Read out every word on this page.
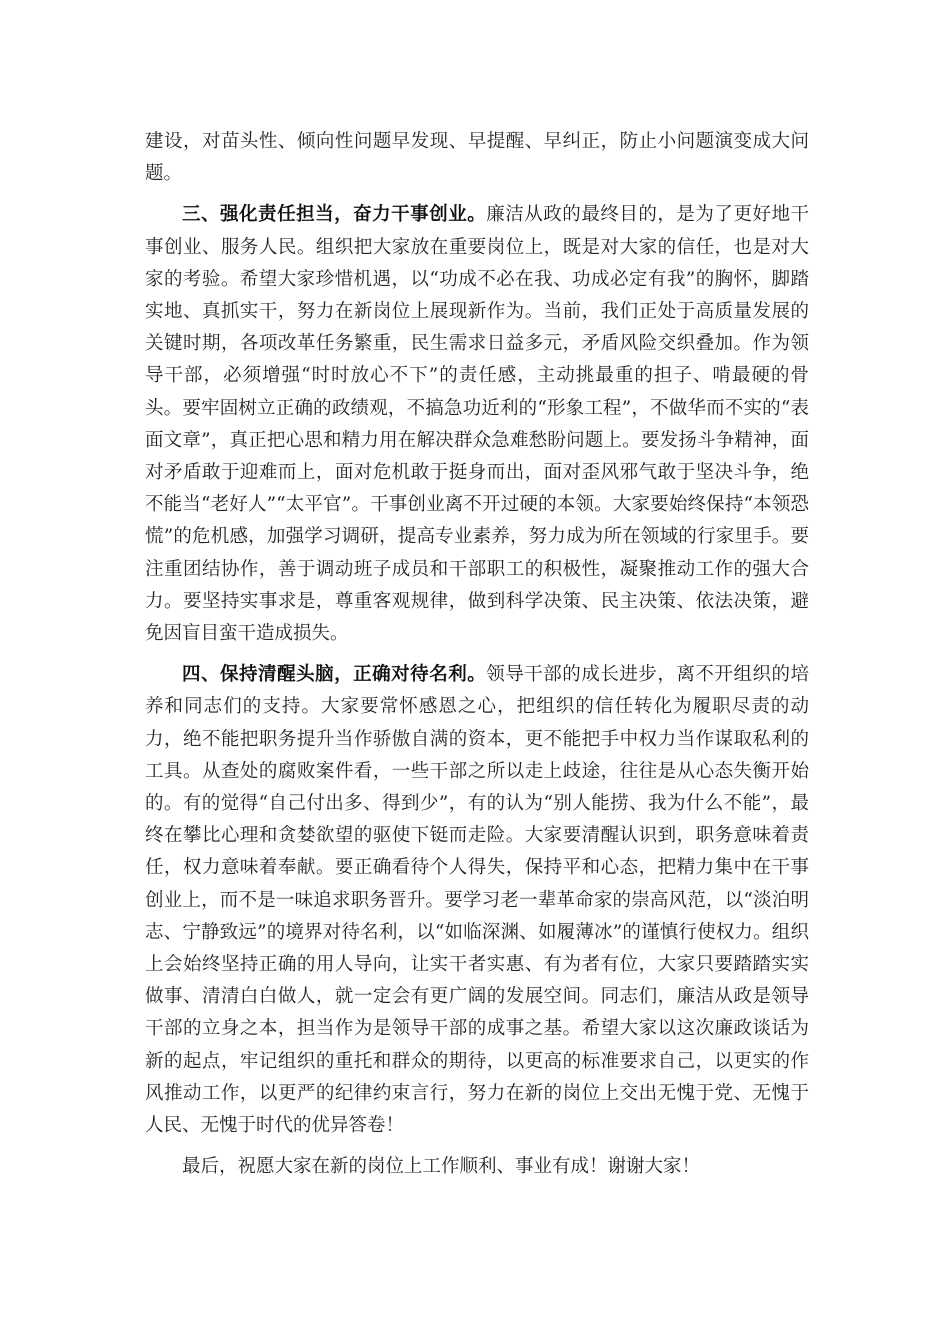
建设，对苗头性、倾向性问题早发现、早提醒、早纠正，防止小问题演变成大问题。

三、强化责任担当，奋力干事创业。廉洁从政的最终目的，是为了更好地干事创业、服务人民。组织把大家放在重要岗位上，既是对大家的信任，也是对大家的考验。希望大家珍惜机遇，以“功成不必在我、功成必定有我”的胸怀，脚踏实地、真抓实干，努力在新岗位上展现新作为。当前，我们正处于高质量发展的关键时期，各项改革任务繁重，民生需求日益多元，矛盾风险交织叠加。作为领导干部，必须增强“时时放心不下”的责任感，主动挑最重的担子、啃最硬的骨头。要牢固树立正确的政绩观，不搞急功近利的“形象工程”，不做华而不实的“表面文章”，真正把心思和精力用在解决群众急难愁盼问题上。要发扬斗争精神，面对矛盾敢于迎难而上，面对危机敢于挺身而出，面对歪风邪气敢于坚决斗争，绝不能当“老好人”“太平官”。干事创业离不开过硬的本领。大家要始终保持“本领恐慌”的危机感，加强学习调研，提高专业素养，努力成为所在领域的行家里手。要注重团结协作，善于调动班子成员和干部职工的积极性，凝聚推动工作的强大合力。要坚持实事求是，尊重客观规律，做到科学决策、民主决策、依法决策，避免因盲目蛮干造成损失。

四、保持清醒头脑，正确对待名利。领导干部的成长进步，离不开组织的培养和同志们的支持。大家要常怀感恩之心，把组织的信任转化为履职尽责的动力，绝不能把职务提升当作骄傲自满的资本，更不能把手中权力当作谋取私利的工具。从查处的腐败案件看，一些干部之所以走上歧途，往往是从心态失衡开始的。有的觉得“自己付出多、得到少”，有的认为“别人能捞、我为什么不能”，最终在攀比心理和贪婪欲望的驱使下铤而走险。大家要清醒认识到，职务意味着责任，权力意味着奉献。要正确看待个人得失，保持平和心态，把精力集中在干事创业上，而不是一味追求职务晋升。要学习老一辈革命家的崇高风范，以“淡泊明志、宁静致远”的境界对待名利，以“如临深渊、如履薄冰”的谨慎行使权力。组织上会始终坚持正确的用人导向，让实干者实惠、有为者有位，大家只要踏踏实实做事、清清白白做人，就一定会有更广阔的发展空间。同志们，廉洁从政是领导干部的立身之本，担当作为是领导干部的成事之基。希望大家以这次廉政谈话为新的起点，牢记组织的重托和群众的期待，以更高的标准要求自己，以更实的作风推动工作，以更严的纪律约束言行，努力在新的岗位上交出无愧于党、无愧于人民、无愧于时代的优异答卷！

最后，祝愿大家在新的岗位上工作顺利、事业有成！谢谢大家！
